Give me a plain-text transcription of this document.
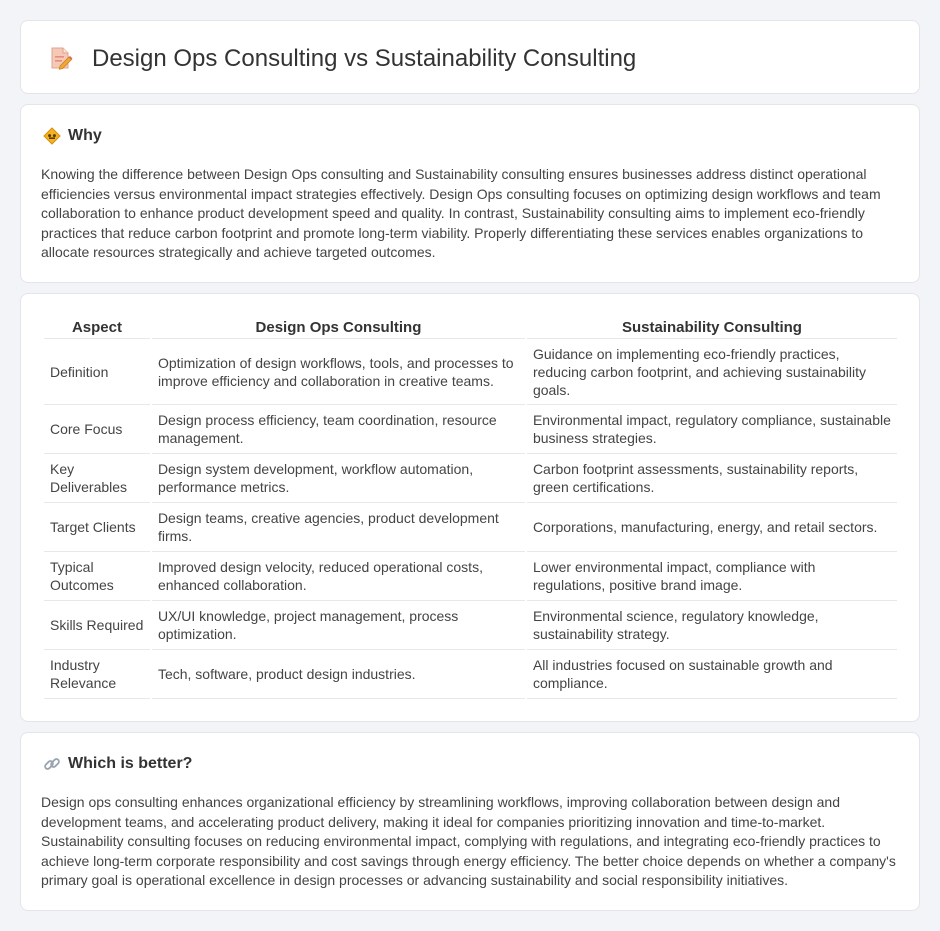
Design Ops Consulting vs Sustainability Consulting
Why

Knowing the difference between Design Ops consulting and Sustainability consulting ensures businesses address distinct operational efficiencies versus environmental impact strategies effectively. Design Ops consulting focuses on optimizing design workflows and team collaboration to enhance product development speed and quality. In contrast, Sustainability consulting aims to implement eco-friendly practices that reduce carbon footprint and promote long-term viability. Properly differentiating these services enables organizations to allocate resources strategically and achieve targeted outcomes.

Aspect	Design Ops Consulting	Sustainability Consulting
Definition	Optimization of design workflows, tools, and processes to improve efficiency and collaboration in creative teams.	Guidance on implementing eco-friendly practices, reducing carbon footprint, and achieving sustainability goals.
Core Focus	Design process efficiency, team coordination, resource management.	Environmental impact, regulatory compliance, sustainable business strategies.
Key Deliverables	Design system development, workflow automation, performance metrics.	Carbon footprint assessments, sustainability reports, green certifications.
Target Clients	Design teams, creative agencies, product development firms.	Corporations, manufacturing, energy, and retail sectors.
Typical Outcomes	Improved design velocity, reduced operational costs, enhanced collaboration.	Lower environmental impact, compliance with regulations, positive brand image.
Skills Required	UX/UI knowledge, project management, process optimization.	Environmental science, regulatory knowledge, sustainability strategy.
Industry Relevance	Tech, software, product design industries.	All industries focused on sustainable growth and compliance.
Which is better?

Design ops consulting enhances organizational efficiency by streamlining workflows, improving collaboration between design and development teams, and accelerating product delivery, making it ideal for companies prioritizing innovation and time-to-market. Sustainability consulting focuses on reducing environmental impact, complying with regulations, and integrating eco-friendly practices to achieve long-term corporate responsibility and cost savings through energy efficiency. The better choice depends on whether a company's primary goal is operational excellence in design processes or advancing sustainability and social responsibility initiatives.
